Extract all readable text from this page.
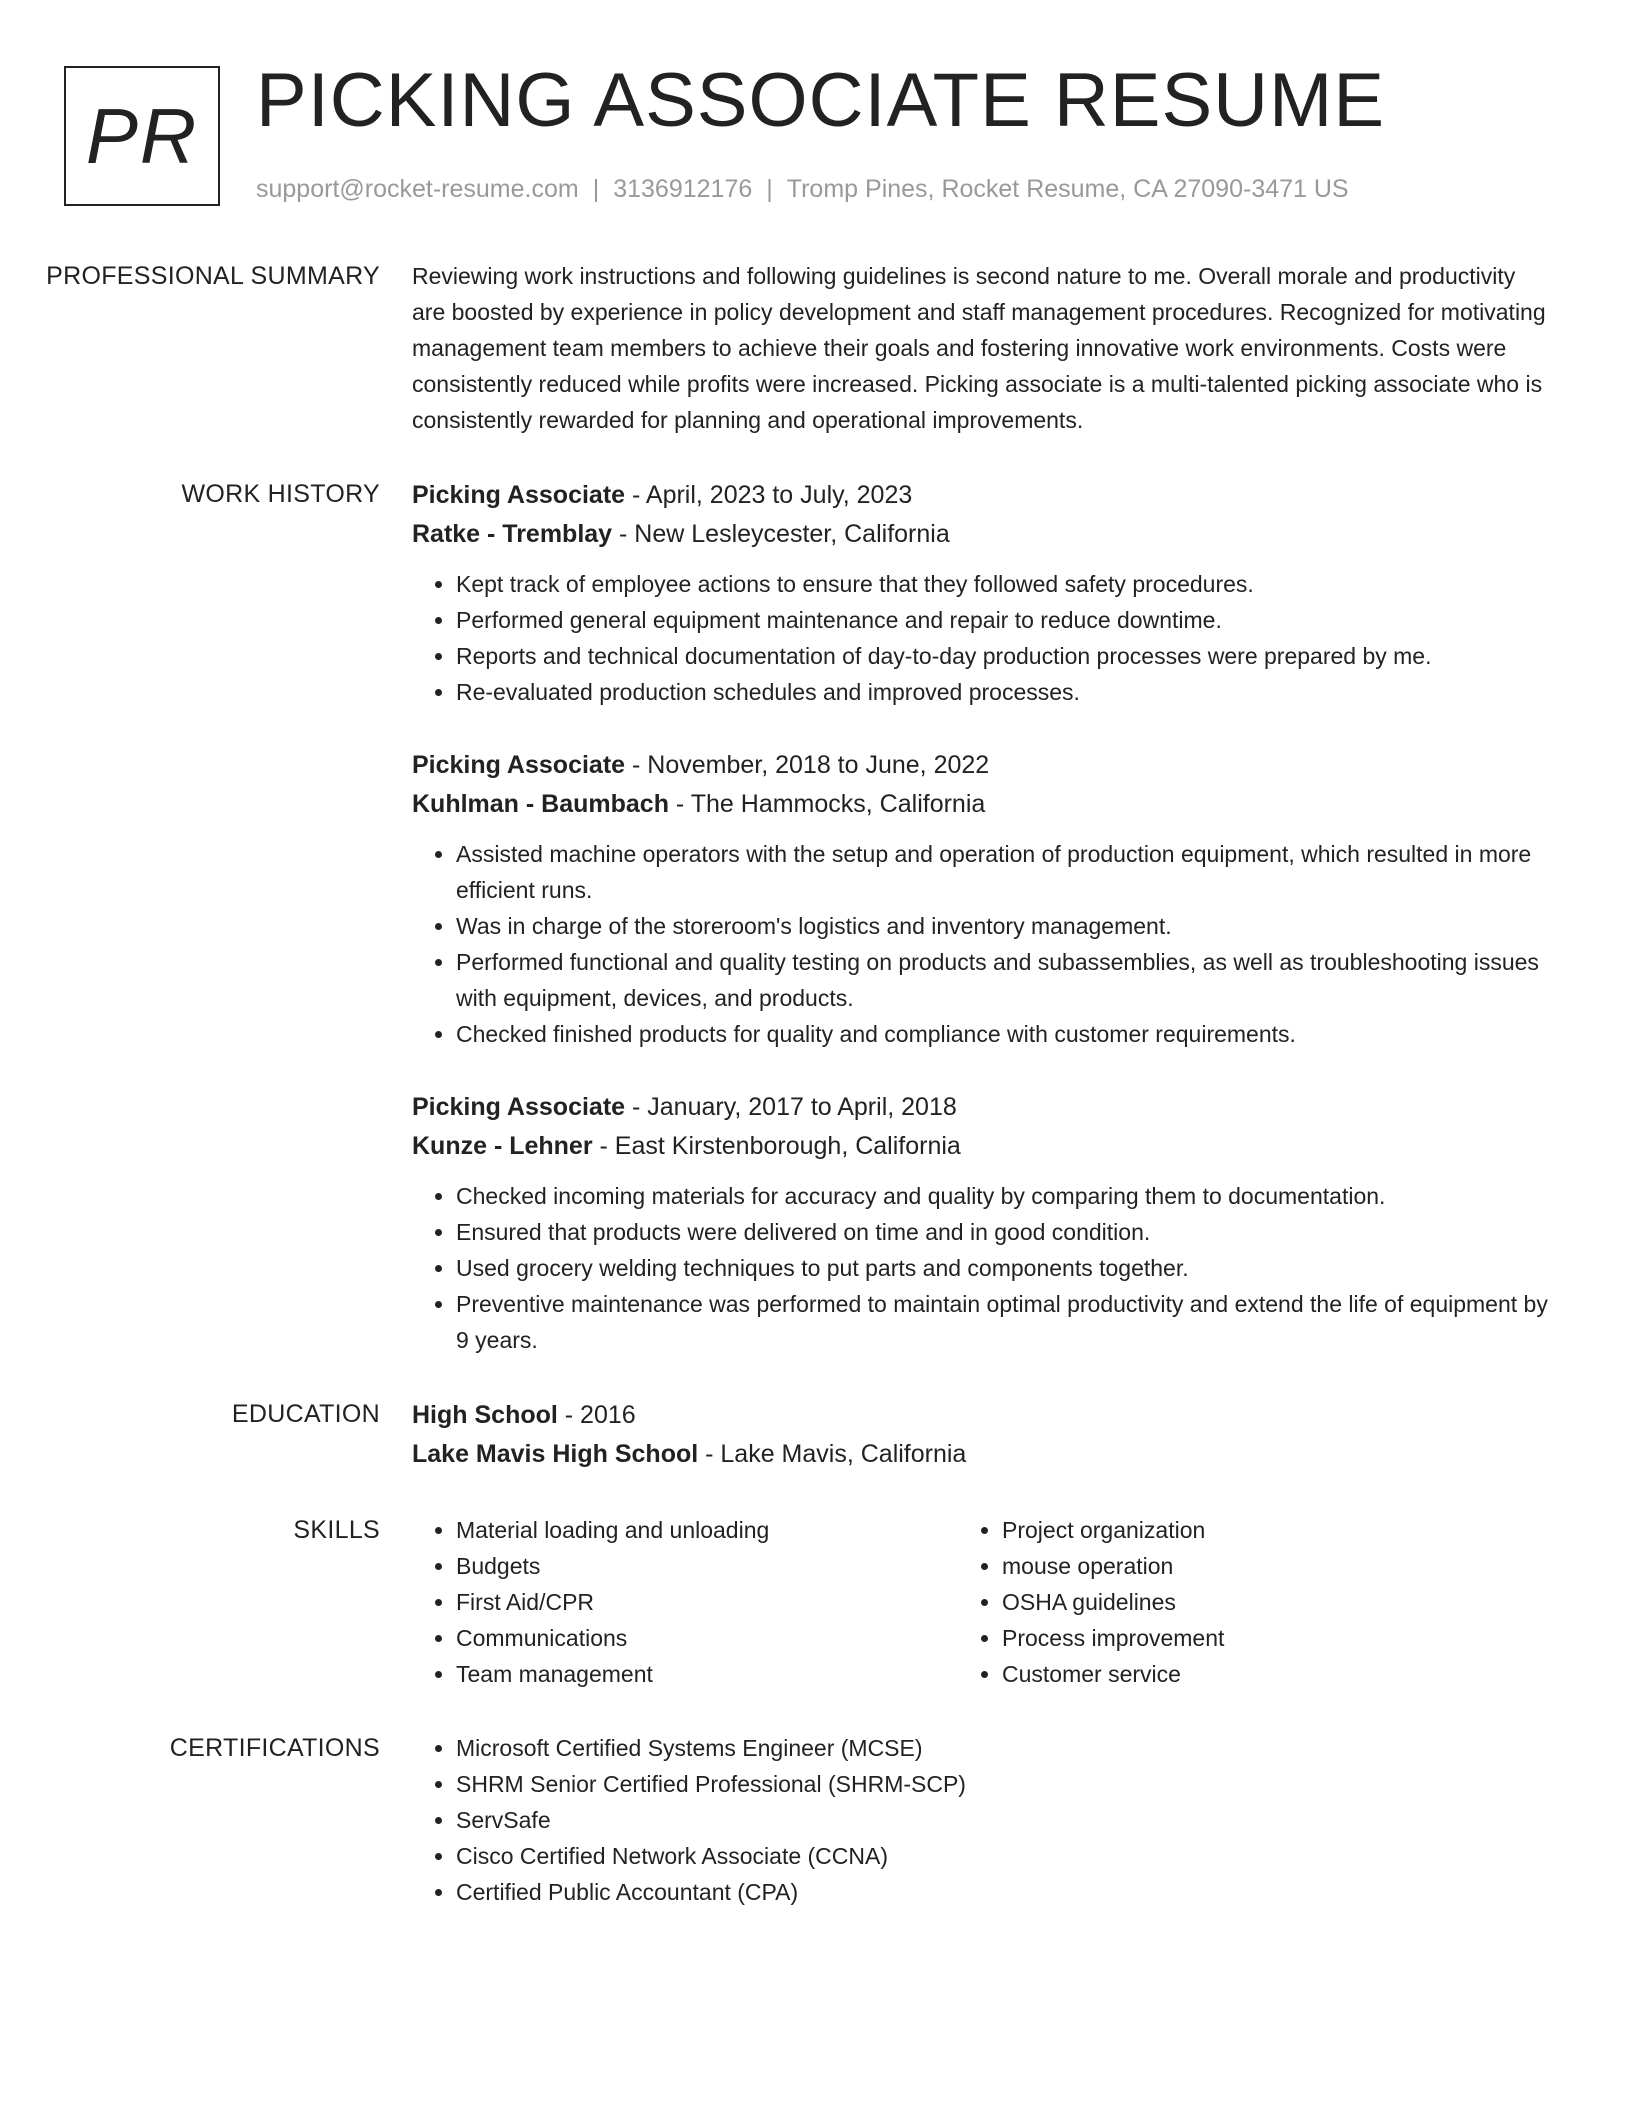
PR PICKING ASSOCIATE RESUME
support@rocket-resume.com | 3136912176 | Tromp Pines, Rocket Resume, CA 27090-3471 US
PROFESSIONAL SUMMARY	Reviewing work instructions and following guidelines is second nature to me. Overall morale and productivity are boosted by experience in policy development and staff management procedures. Recognized for motivating management team members to achieve their goals and fostering innovative work environments. Costs were consistently reduced while profits were increased. Picking associate is a multi-talented picking associate who is consistently rewarded for planning and operational improvements.

WORK HISTORY	Picking Associate - April, 2023 to July, 2023
Ratke - Tremblay - New Lesleycester, California
• Kept track of employee actions to ensure that they followed safety procedures.
• Performed general equipment maintenance and repair to reduce downtime.
• Reports and technical documentation of day-to-day production processes were prepared by me.
• Re-evaluated production schedules and improved processes.
Picking Associate - November, 2018 to June, 2022
Kuhlman - Baumbach - The Hammocks, California
• Assisted machine operators with the setup and operation of production equipment, which resulted in more efficient runs.
• Was in charge of the storeroom's logistics and inventory management.
• Performed functional and quality testing on products and subassemblies, as well as troubleshooting issues with equipment, devices, and products.
• Checked finished products for quality and compliance with customer requirements.
Picking Associate - January, 2017 to April, 2018
Kunze - Lehner - East Kirstenborough, California
• Checked incoming materials for accuracy and quality by comparing them to documentation.
• Ensured that products were delivered on time and in good condition.
• Used grocery welding techniques to put parts and components together.
• Preventive maintenance was performed to maintain optimal productivity and extend the life of equipment by 9 years.
EDUCATION	High School - 2016
Lake Mavis High School - Lake Mavis, California
SKILLS	• Material loading and unloading
• Budgets
• First Aid/CPR
• Communications
• Team management
• Project organization
• mouse operation
• OSHA guidelines
• Process improvement
• Customer service
CERTIFICATIONS	• Microsoft Certified Systems Engineer (MCSE)
• SHRM Senior Certified Professional (SHRM-SCP)
• ServSafe
• Cisco Certified Network Associate (CCNA)
• Certified Public Accountant (CPA)
